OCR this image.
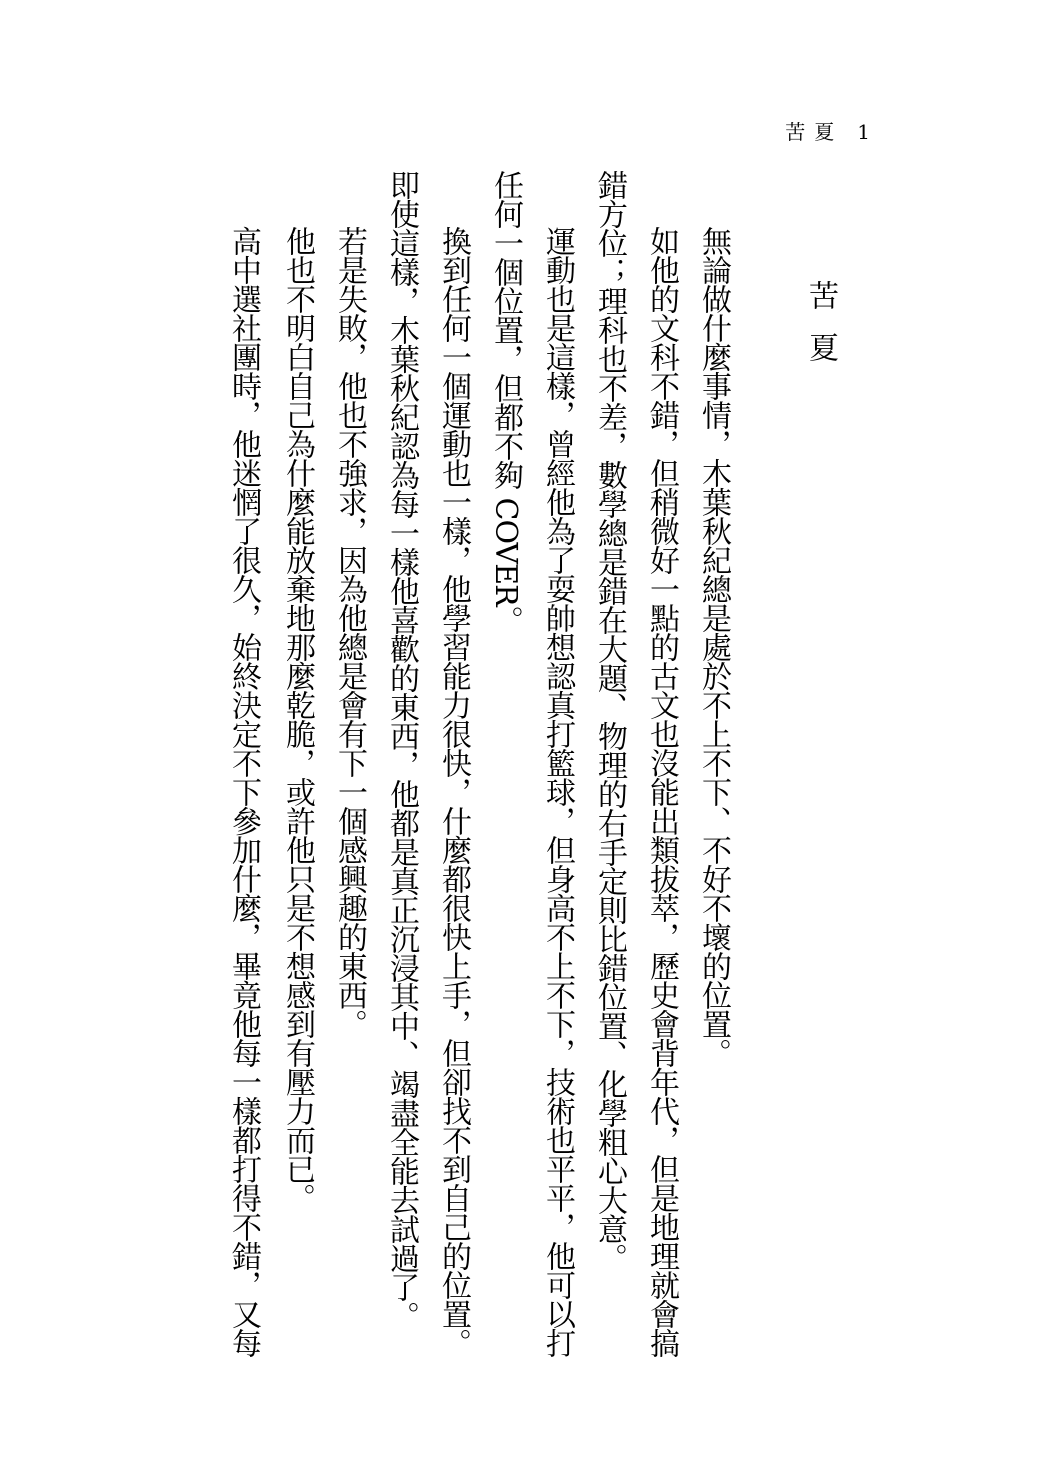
苦夏 1
苦夏
無論做什麼事情，木葉秋紀總是處於不上不下、不好不壞的位置。
如他的文科不錯，但稍微好一點的古文也沒能出類拔萃，歷史會背年代，但是地理就會搞
錯方位；理科也不差，數學總是錯在大題、物理的右手定則比錯位置、化學粗心大意。
運動也是這樣，曾經他為了耍帥想認真打籃球，但身高不上不下，技術也平平，他可以打
任何一個位置，但都不夠 COVER。
換到任何一個運動也一樣，他學習能力很快，什麼都很快上手，但卻找不到自己的位置。
即使這樣，木葉秋紀認為每一樣他喜歡的東西，他都是真正沉浸其中、竭盡全能去試過了。
若是失敗，他也不強求，因為他總是會有下一個感興趣的東西。
他也不明白自己為什麼能放棄地那麼乾脆，或許他只是不想感到有壓力而已。
高中選社團時，他迷惘了很久，始終決定不下參加什麼，畢竟他每一樣都打得不錯，又每
